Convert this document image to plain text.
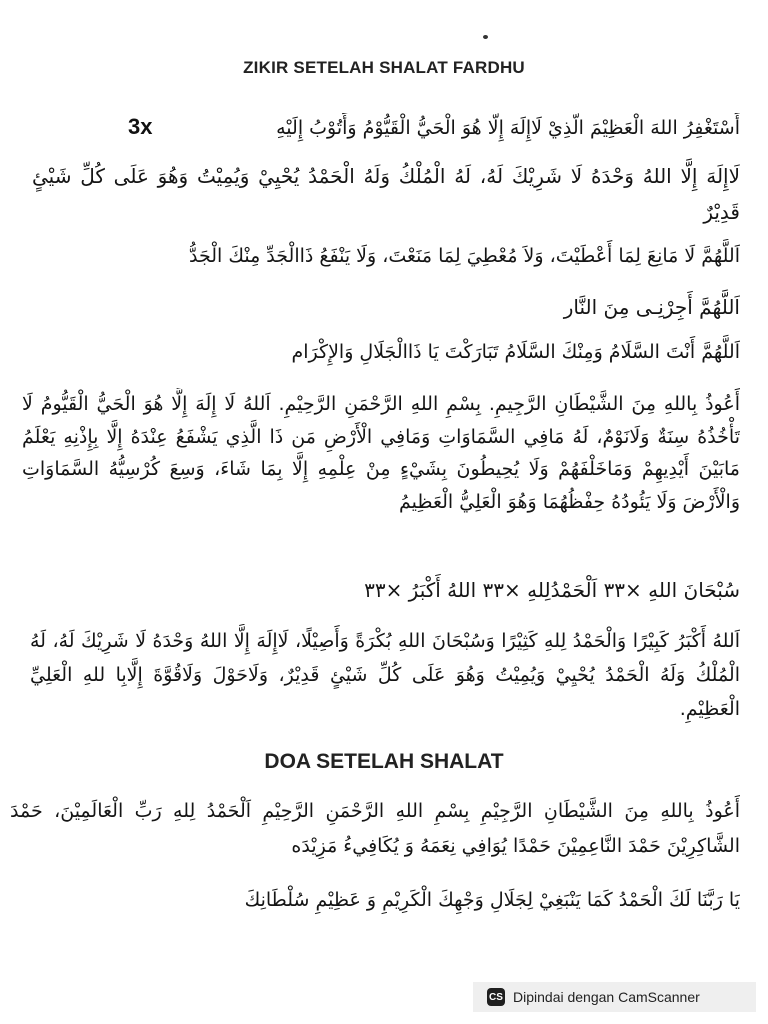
ZIKIR SETELAH SHALAT FARDHU
3x	أَسْتَغْفِرُ اللهَ الْعَظِيْمَ الَّذِيْ لَاإِلَهَ إِلَّا هُوَ الْحَيُّ الْقَيُّوْمُ وَأَتُوْبُ إِلَيْهِ
لَاإِلَهَ إِلَّا اللهُ وَحْدَهُ لَا شَرِيْكَ لَهُ، لَهُ الْمُلْكُ وَلَهُ الْحَمْدُ يُحْيِيْ وَيُمِيْتُ وَهُوَ عَلَى كُلِّ شَيْئٍ قَدِيْرٌ
اَللَّهُمَّ لَا مَانِعَ لِمَا أَعْطَيْتَ، وَلاَ مُعْطِيَ لِمَا مَنَعْتَ، وَلَا يَنْفَعُ ذَاالْجَدِّ مِنْكَ الْجَدُّ
اَللَّهُمَّ أَجِرْنِـى مِنَ النَّار
اَللَّهُمَّ أَنْتَ السَّلَامُ وَمِنْكَ السَّلَامُ تَبَارَكْتَ يَا ذَاالْجَلَالِ وَالإِكْرَام
أَعُوذُ بِاللهِ مِنَ الشَّيْطَانِ الرَّجِيمِ. بِسْمِ اللهِ الرَّحْمَنِ الرَّحِيْمِ. اَللهُ لَا إِلَهَ إِلَّا هُوَ الْحَيُّ الْقَيُّومُ لَا تَأْخُذُهُ سِنَةٌ وَلَانَوْمٌ، لَهُ مَافِي السَّمَاوَاتِ وَمَافِي الْأَرْضِ مَن ذَا الَّذِي يَشْفَعُ عِنْدَهُ إِلَّا بِإِذْنِهِ يَعْلَمُ مَابَيْنَ أَيْدِيهِمْ وَمَاخَلْفَهُمْ وَلَا يُحِيطُونَ بِشَيْءٍ مِنْ عِلْمِهِ إِلَّا بِمَا شَاءَ، وَسِعَ كُرْسِيُّهُ السَّمَاوَاتِ وَالْأَرْضَ وَلَا يَئُودُهُ حِفْظُهُمَا وَهُوَ الْعَلِيُّ الْعَظِيمُ
سُبْحَانَ اللهِ ×٣٣ اَلْحَمْدُلِلهِ ×٣٣ اللهُ أَكْبَرُ ×٣٣
اَللهُ أَكْبَرُ كَبِيْرًا وَالْحَمْدُ لِلهِ كَثِيْرًا وَسُبْحَانَ اللهِ بُكْرَةً وَأَصِيْلًا، لَاإِلَهَ إِلَّا اللهُ وَحْدَهُ لَا شَرِيْكَ لَهُ، لَهُ الْمُلْكُ وَلَهُ الْحَمْدُ يُحْيِيْ وَيُمِيْتُ وَهُوَ عَلَى كُلِّ شَيْئٍ قَدِيْرٌ، وَلَاحَوْلَ وَلَاقُوَّةَ إِلَّابِا للهِ الْعَلِيِّ الْعَظِيْمِ.
DOA SETELAH SHALAT
أَعُوذُ بِاللهِ مِنَ الشَّيْطَانِ الرَّجِيْمِ بِسْمِ اللهِ الرَّحْمَنِ الرَّحِيْمِ اَلْحَمْدُ لِلهِ رَبِّ الْعَالَمِيْنَ، حَمْدَ الشَّاكِرِيْنَ حَمْدَ النَّاعِمِيْنَ حَمْدًا يُوَافِي نِعَمَهُ وَ يُكَافِيءُ مَزِيْدَه
يَا رَبَّنَا لَكَ الْحَمْدُ كَمَا يَنْبَغِيْ لِجَلَالِ وَجْهِكَ الْكَرِيْمِ وَ عَظِيْمِ سُلْطَانِكَ
CS Dipindai dengan CamScanner
